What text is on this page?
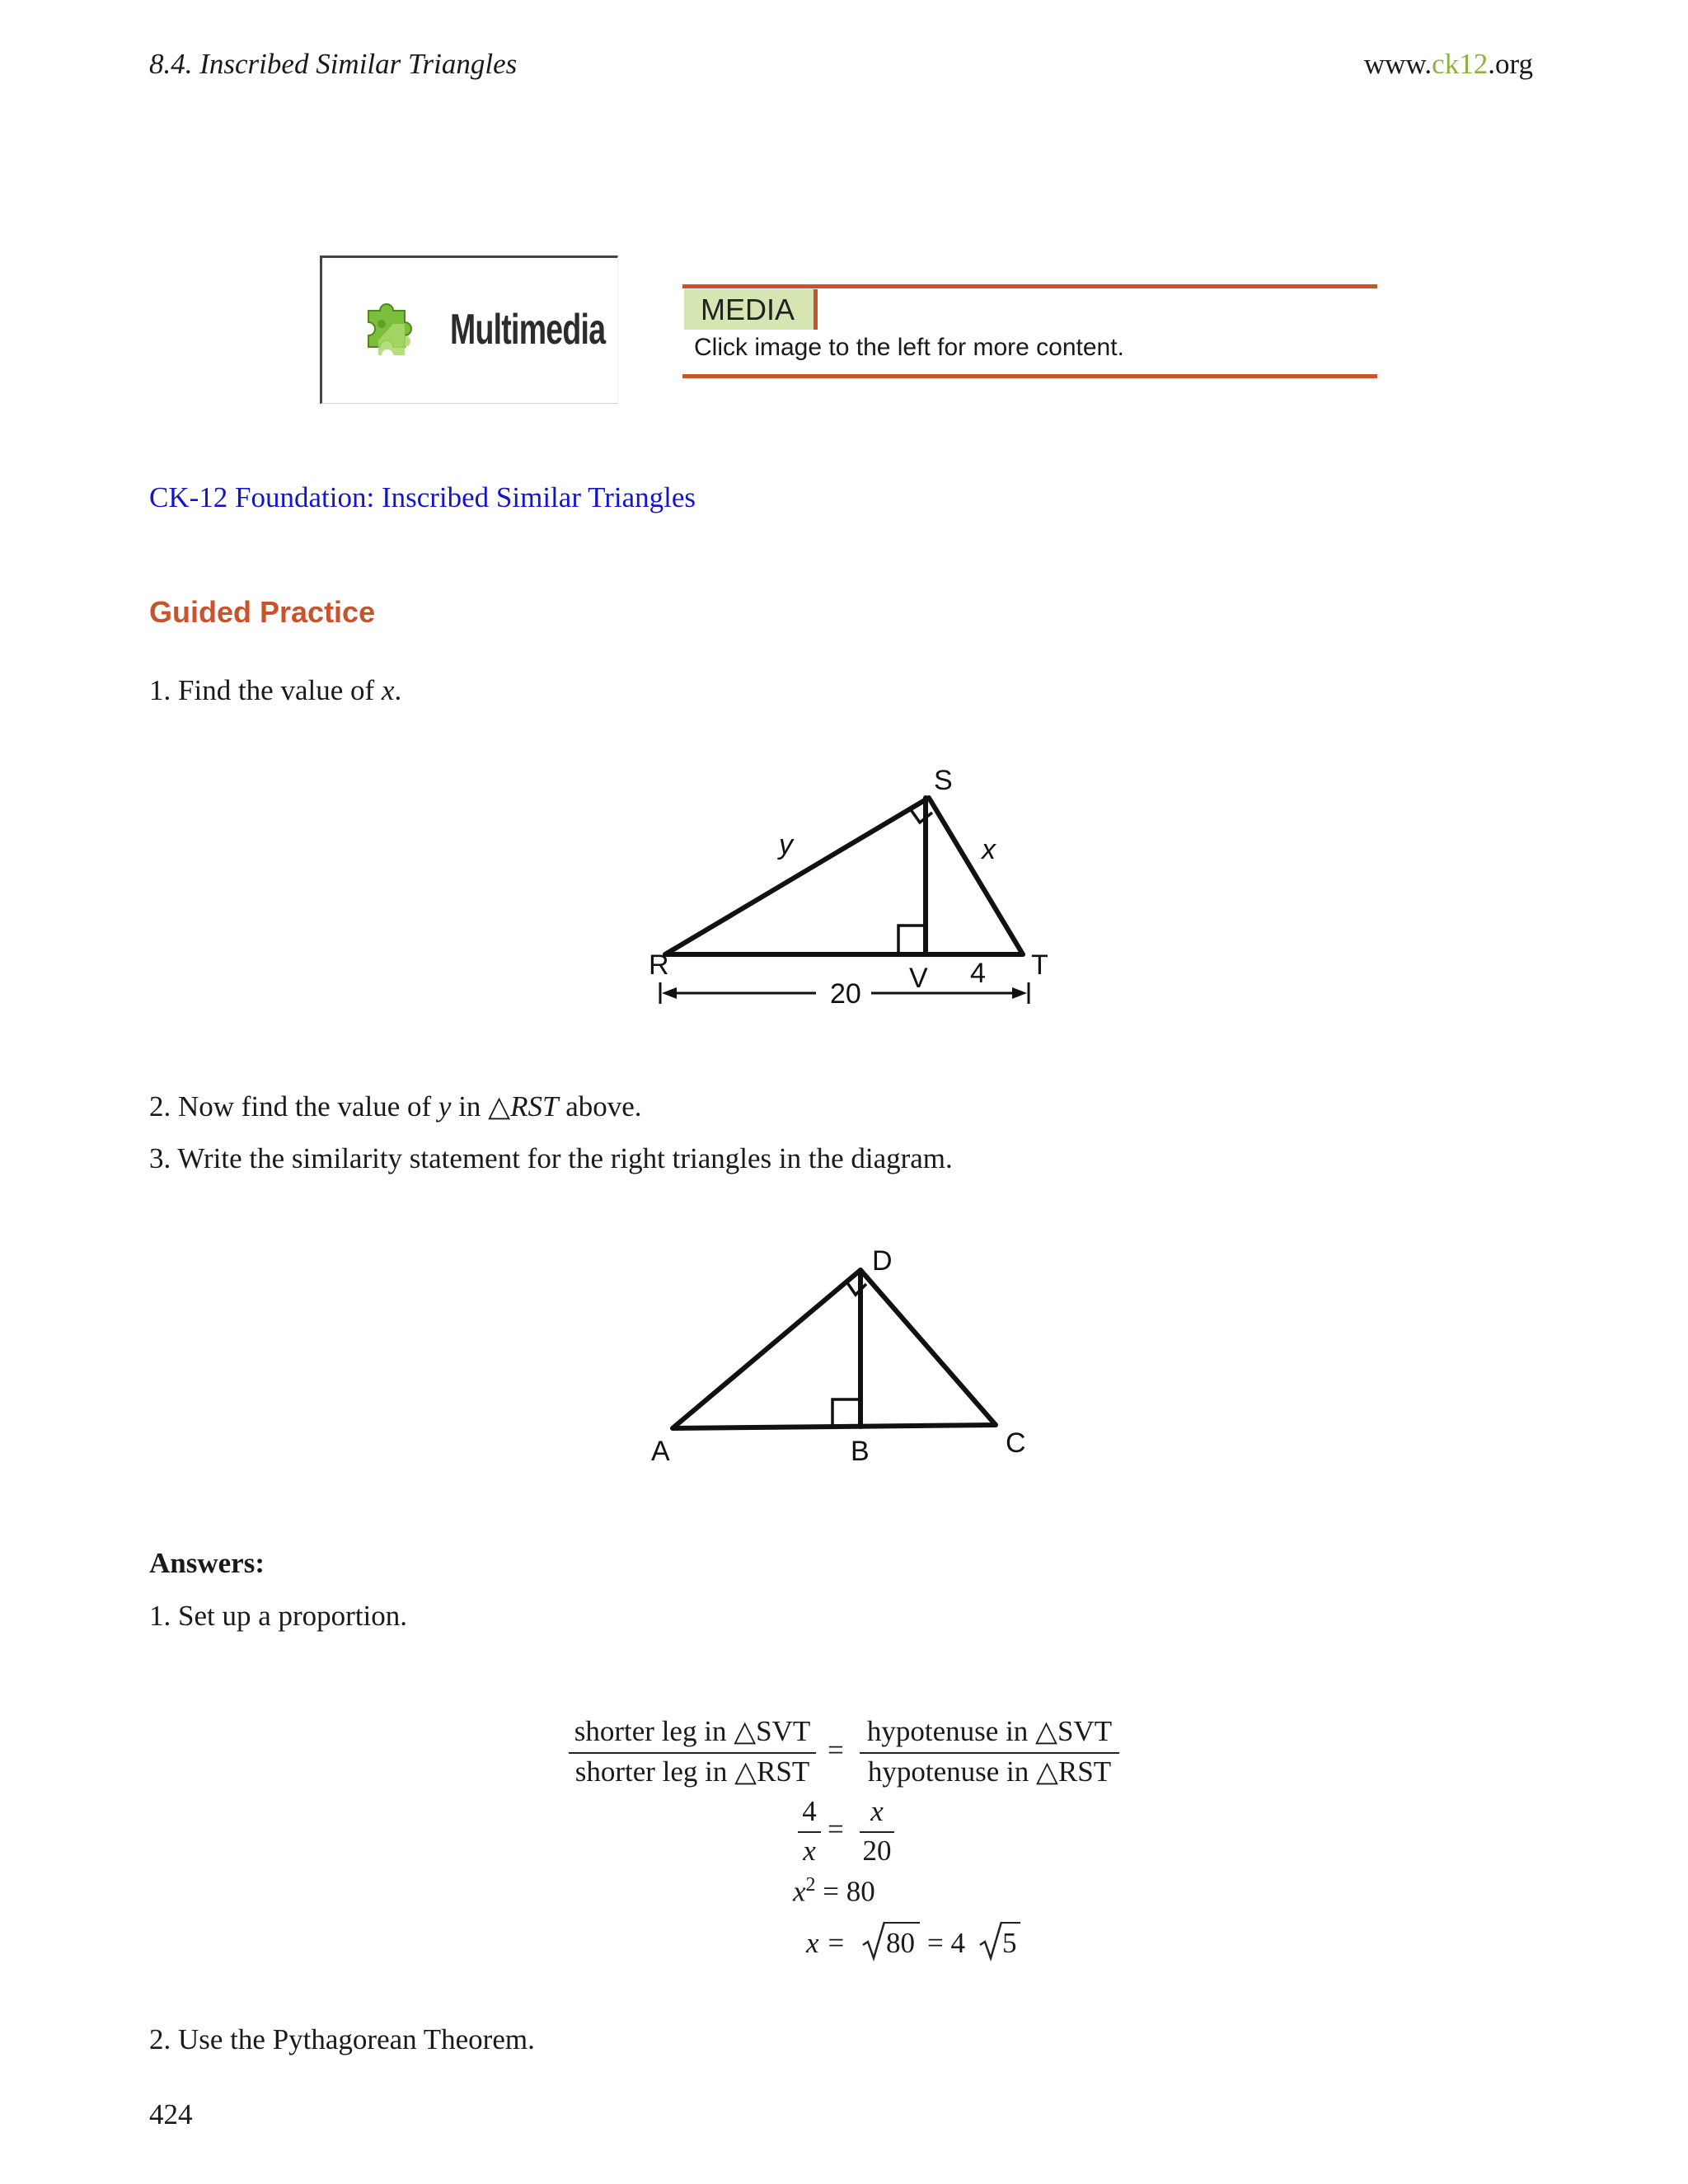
8.4. Inscribed Similar Triangles	www.ck12.org
Multimedia	MEDIA
Click image to the left for more content.
CK-12 Foundation: Inscribed Similar Triangles
Guided Practice
1. Find the value of x.
S
R	V	T
y	x
20
4
2. Now find the value of y in △RST above.
3. Write the similarity statement for the right triangles in the diagram.
D
A	B	C
Answers:
1. Set up a proportion.
shorter leg in △SVT
shorter leg in △RST
=
hypotenuse in △SVT
hypotenuse in △RST
4
x
=
x
20
$x^2 = 80$
x = 80 = 4 5
2. Use the Pythagorean Theorem.
424
